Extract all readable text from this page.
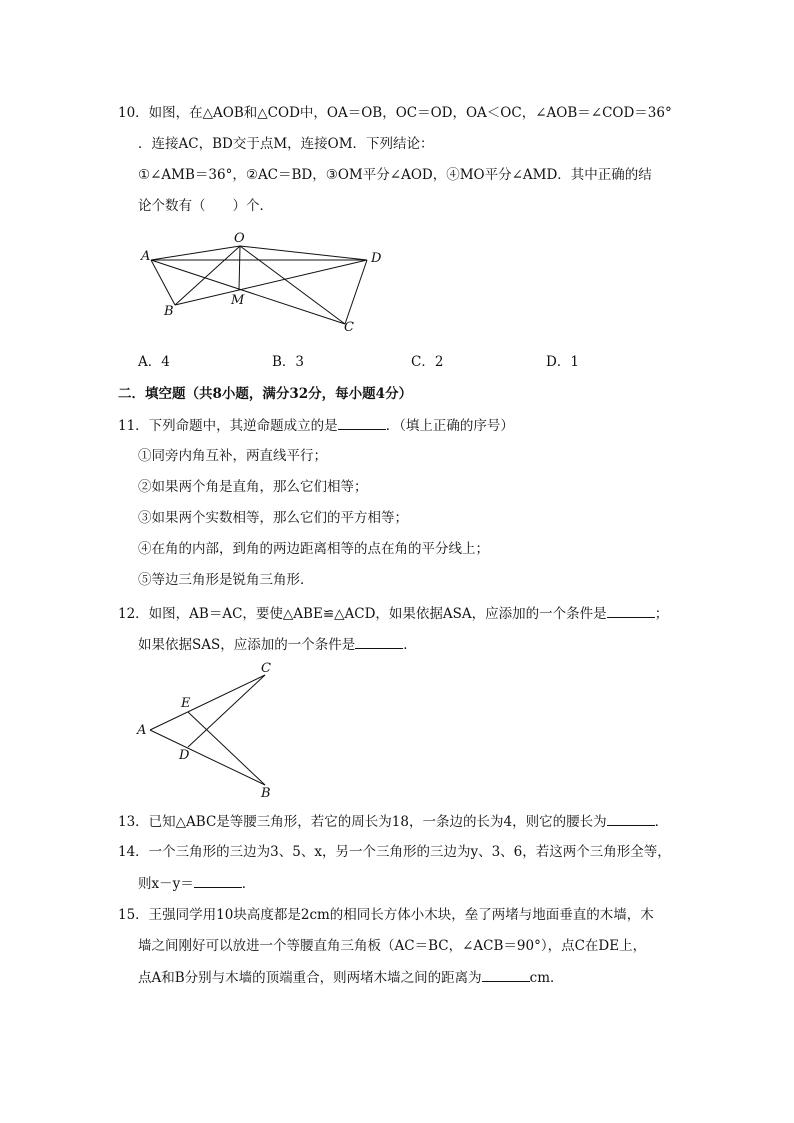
10．如图，在△AOB和△COD中，OA＝OB，OC＝OD，OA＜OC，∠AOB＝∠COD＝36°
．连接AC，BD交于点M，连接OM．下列结论：
①∠AMB＝36°，②AC＝BD，③OM平分∠AOD，④MO平分∠AMD．其中正确的结
论个数有（　　）个．
A
O
D
B
M
C
A．4	B．3	C．2	D．1
二．填空题（共8小题，满分32分，每小题4分）
11．下列命题中，其逆命题成立的是	．（填上正确的序号）
①同旁内角互补，两直线平行；
②如果两个角是直角，那么它们相等；
③如果两个实数相等，那么它们的平方相等；
④在角的内部，到角的两边距离相等的点在角的平分线上；
⑤等边三角形是锐角三角形．
12．如图，AB＝AC，要使△ABE≌△ACD，如果依据ASA，应添加的一个条件是	；
如果依据SAS，应添加的一个条件是	．
C
E
A
D
B
13．已知△ABC是等腰三角形，若它的周长为18，一条边的长为4，则它的腰长为	．
14．一个三角形的三边为3、5、x，另一个三角形的三边为y、3、6，若这两个三角形全等，
则x－y＝	．
15．王强同学用10块高度都是2cm的相同长方体小木块，垒了两堵与地面垂直的木墙，木
墙之间刚好可以放进一个等腰直角三角板（AC＝BC，∠ACB＝90°），点C在DE上，
点A和B分别与木墙的顶端重合，则两堵木墙之间的距离为	cm．
